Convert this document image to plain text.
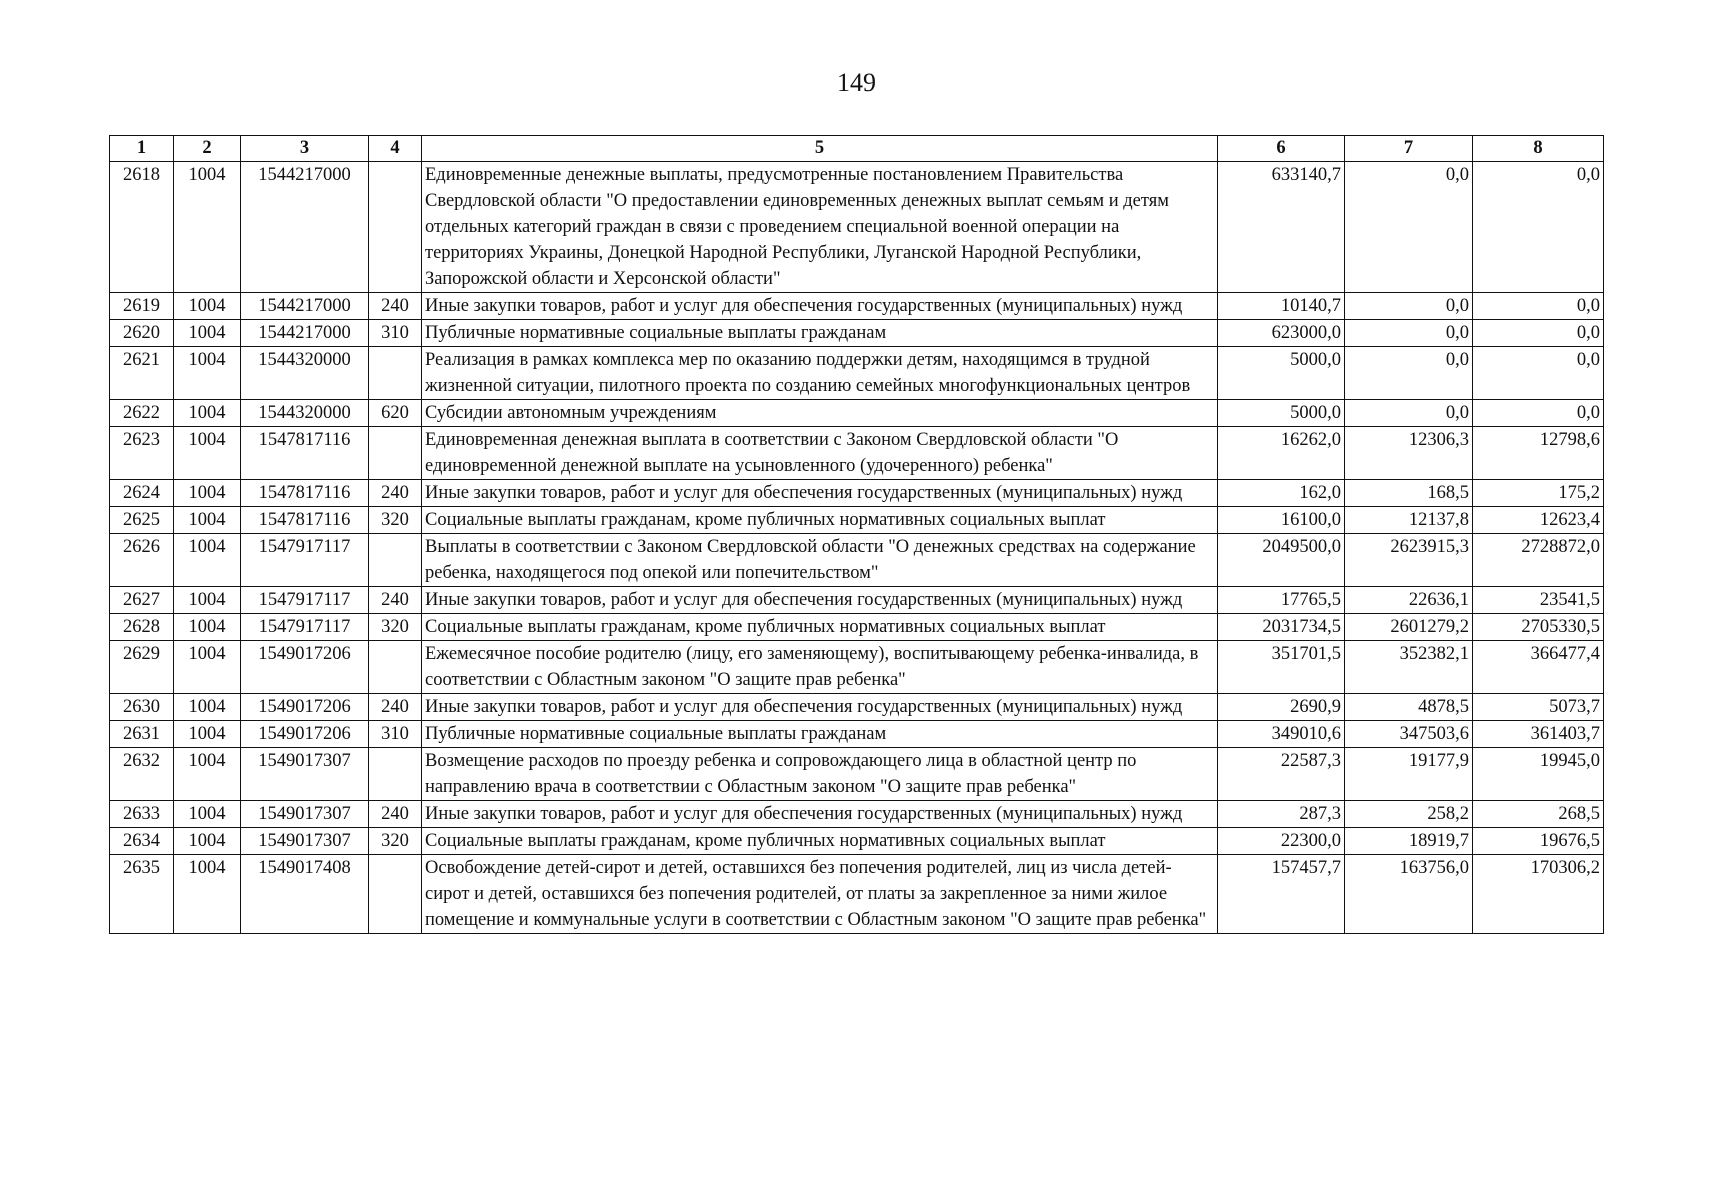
149
1	2	3	4	5	6	7	8
2618	1004	1544217000		Единовременные денежные выплаты, предусмотренные постановлением Правительства Свердловской области "О предоставлении единовременных денежных выплат семьям и детям отдельных категорий граждан в связи с проведением специальной военной операции на территориях Украины, Донецкой Народной Республики, Луганской Народной Республики, Запорожской области и Херсонской области"	633140,7	0,0	0,0
2619	1004	1544217000	240	Иные закупки товаров, работ и услуг для обеспечения государственных (муниципальных) нужд	10140,7	0,0	0,0
2620	1004	1544217000	310	Публичные нормативные социальные выплаты гражданам	623000,0	0,0	0,0
2621	1004	1544320000		Реализация в рамках комплекса мер по оказанию поддержки детям, находящимся в трудной жизненной ситуации, пилотного проекта по созданию семейных многофункциональных центров	5000,0	0,0	0,0
2622	1004	1544320000	620	Субсидии автономным учреждениям	5000,0	0,0	0,0
2623	1004	1547817116		Единовременная денежная выплата в соответствии с Законом Свердловской области "О единовременной денежной выплате на усыновленного (удочеренного) ребенка"	16262,0	12306,3	12798,6
2624	1004	1547817116	240	Иные закупки товаров, работ и услуг для обеспечения государственных (муниципальных) нужд	162,0	168,5	175,2
2625	1004	1547817116	320	Социальные выплаты гражданам, кроме публичных нормативных социальных выплат	16100,0	12137,8	12623,4
2626	1004	1547917117		Выплаты в соответствии с Законом Свердловской области "О денежных средствах на содержание ребенка, находящегося под опекой или попечительством"	2049500,0	2623915,3	2728872,0
2627	1004	1547917117	240	Иные закупки товаров, работ и услуг для обеспечения государственных (муниципальных) нужд	17765,5	22636,1	23541,5
2628	1004	1547917117	320	Социальные выплаты гражданам, кроме публичных нормативных социальных выплат	2031734,5	2601279,2	2705330,5
2629	1004	1549017206		Ежемесячное пособие родителю (лицу, его заменяющему), воспитывающему ребенка-инвалида, в соответствии с Областным законом "О защите прав ребенка"	351701,5	352382,1	366477,4
2630	1004	1549017206	240	Иные закупки товаров, работ и услуг для обеспечения государственных (муниципальных) нужд	2690,9	4878,5	5073,7
2631	1004	1549017206	310	Публичные нормативные социальные выплаты гражданам	349010,6	347503,6	361403,7
2632	1004	1549017307		Возмещение расходов по проезду ребенка и сопровождающего лица в областной центр по направлению врача в соответствии с Областным законом "О защите прав ребенка"	22587,3	19177,9	19945,0
2633	1004	1549017307	240	Иные закупки товаров, работ и услуг для обеспечения государственных (муниципальных) нужд	287,3	258,2	268,5
2634	1004	1549017307	320	Социальные выплаты гражданам, кроме публичных нормативных социальных выплат	22300,0	18919,7	19676,5
2635	1004	1549017408		Освобождение детей-сирот и детей, оставшихся без попечения родителей, лиц из числа детей-сирот и детей, оставшихся без попечения родителей, от платы за закрепленное за ними жилое помещение и коммунальные услуги в соответствии с Областным законом "О защите прав ребенка"	157457,7	163756,0	170306,2
